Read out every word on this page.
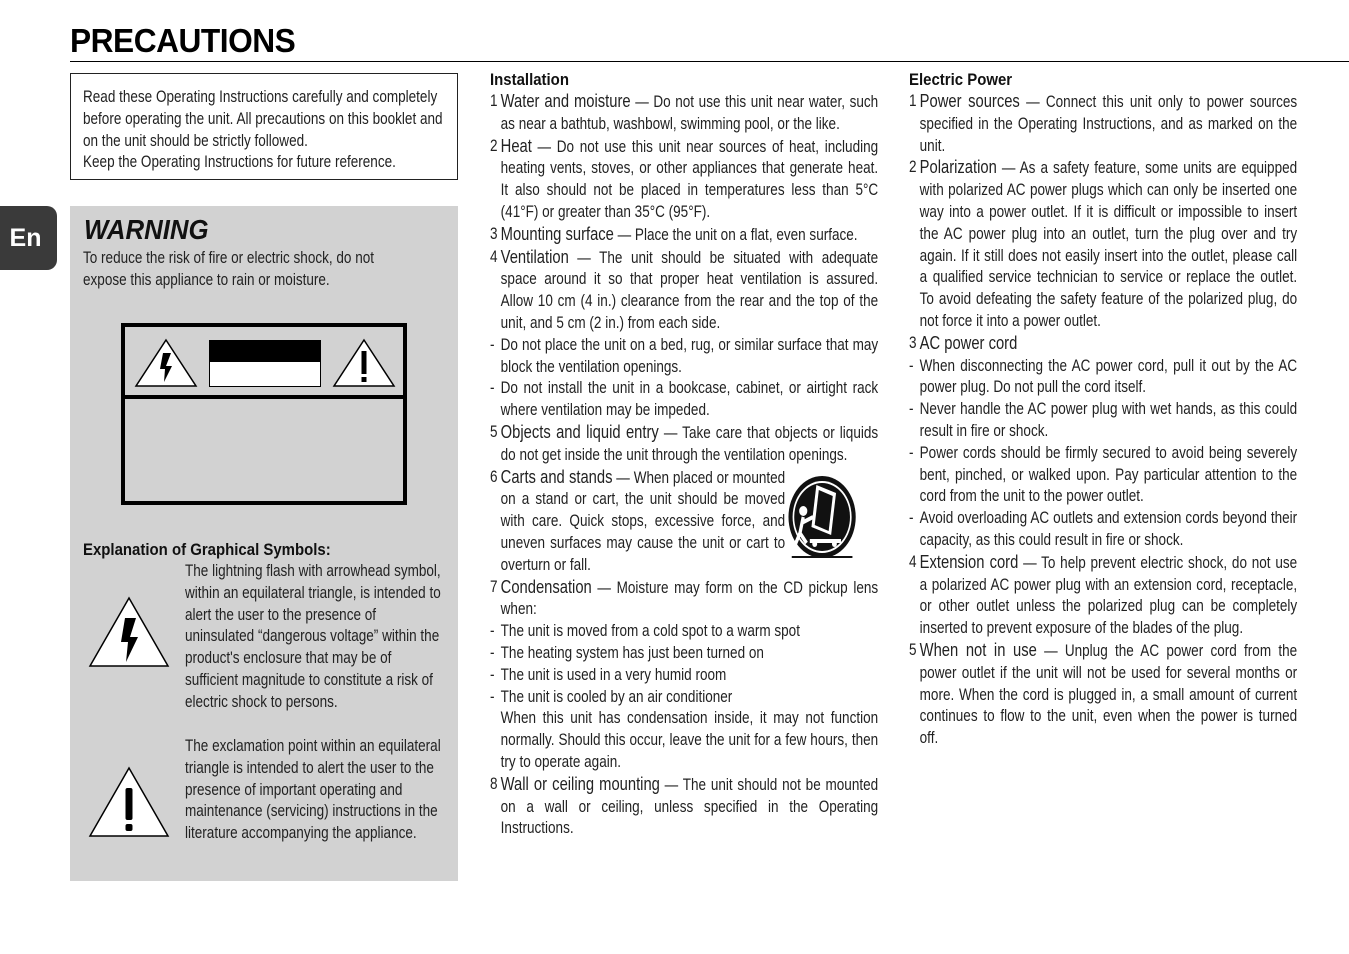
PRECAUTIONS
En

Read these Operating Instructions carefully and completely before operating the unit. All precautions on this booklet and on the unit should be strictly followed.

Keep the Operating Instructions for future reference.

WARNING
To reduce the risk of fire or electric shock, do not expose this appliance to rain or moisture.
Explanation of Graphical Symbols:
The lightning flash with arrowhead symbol, within an equilateral triangle, is intended to alert the user to the presence of uninsulated “dangerous voltage” within the product's enclosure that may be of sufficient magnitude to constitute a risk of electric shock to persons.
The exclamation point within an equilateral triangle is intended to alert the user to the presence of important operating and maintenance (servicing) instructions in the literature accompanying the appliance.
Installation
1 Water and moisture — Do not use this unit near water, such as near a bathtub, washbowl, swimming pool, or the like.
2 Heat — Do not use this unit near sources of heat, including heating vents, stoves, or other appliances that generate heat. It also should not be placed in temperatures less than 5°C (41°F) or greater than 35°C (95°F).
3 Mounting surface — Place the unit on a flat, even surface.
4 Ventilation — The unit should be situated with adequate space around it so that proper heat ventilation is assured. Allow 10 cm (4 in.) clearance from the rear and the top of the unit, and 5 cm (2 in.) from each side.
- Do not place the unit on a bed, rug, or similar surface that may block the ventilation openings.
- Do not install the unit in a bookcase, cabinet, or airtight rack where ventilation may be impeded.
5 Objects and liquid entry — Take care that objects or liquids do not get inside the unit through the ventilation openings.
6 Carts and stands — When placed or mounted on a stand or cart, the unit should be moved with care. Quick stops, excessive force, and uneven surfaces may cause the unit or cart to overturn or fall.
7 Condensation — Moisture may form on the CD pickup lens when:
- The unit is moved from a cold spot to a warm spot
- The heating system has just been turned on
- The unit is used in a very humid room
- The unit is cooled by an air conditioner
When this unit has condensation inside, it may not function normally. Should this occur, leave the unit for a few hours, then try to operate again.
8 Wall or ceiling mounting — The unit should not be mounted on a wall or ceiling, unless specified in the Operating Instructions.
Electric Power
1 Power sources — Connect this unit only to power sources specified in the Operating Instructions, and as marked on the unit.
2 Polarization — As a safety feature, some units are equipped with polarized AC power plugs which can only be inserted one way into a power outlet. If it is difficult or impossible to insert the AC power plug into an outlet, turn the plug over and try again. If it still does not easily insert into the outlet, please call a qualified service technician to service or replace the outlet. To avoid defeating the safety feature of the polarized plug, do not force it into a power outlet.
3 AC power cord
- When disconnecting the AC power cord, pull it out by the AC power plug. Do not pull the cord itself.
- Never handle the AC power plug with wet hands, as this could result in fire or shock.
- Power cords should be firmly secured to avoid being severely bent, pinched, or walked upon. Pay particular attention to the cord from the unit to the power outlet.
- Avoid overloading AC outlets and extension cords beyond their capacity, as this could result in fire or shock.
4 Extension cord — To help prevent electric shock, do not use a polarized AC power plug with an extension cord, receptacle, or other outlet unless the polarized plug can be completely inserted to prevent exposure of the blades of the plug.
5 When not in use — Unplug the AC power cord from the power outlet if the unit will not be used for several months or more. When the cord is plugged in, a small amount of current continues to flow to the unit, even when the power is turned off.
